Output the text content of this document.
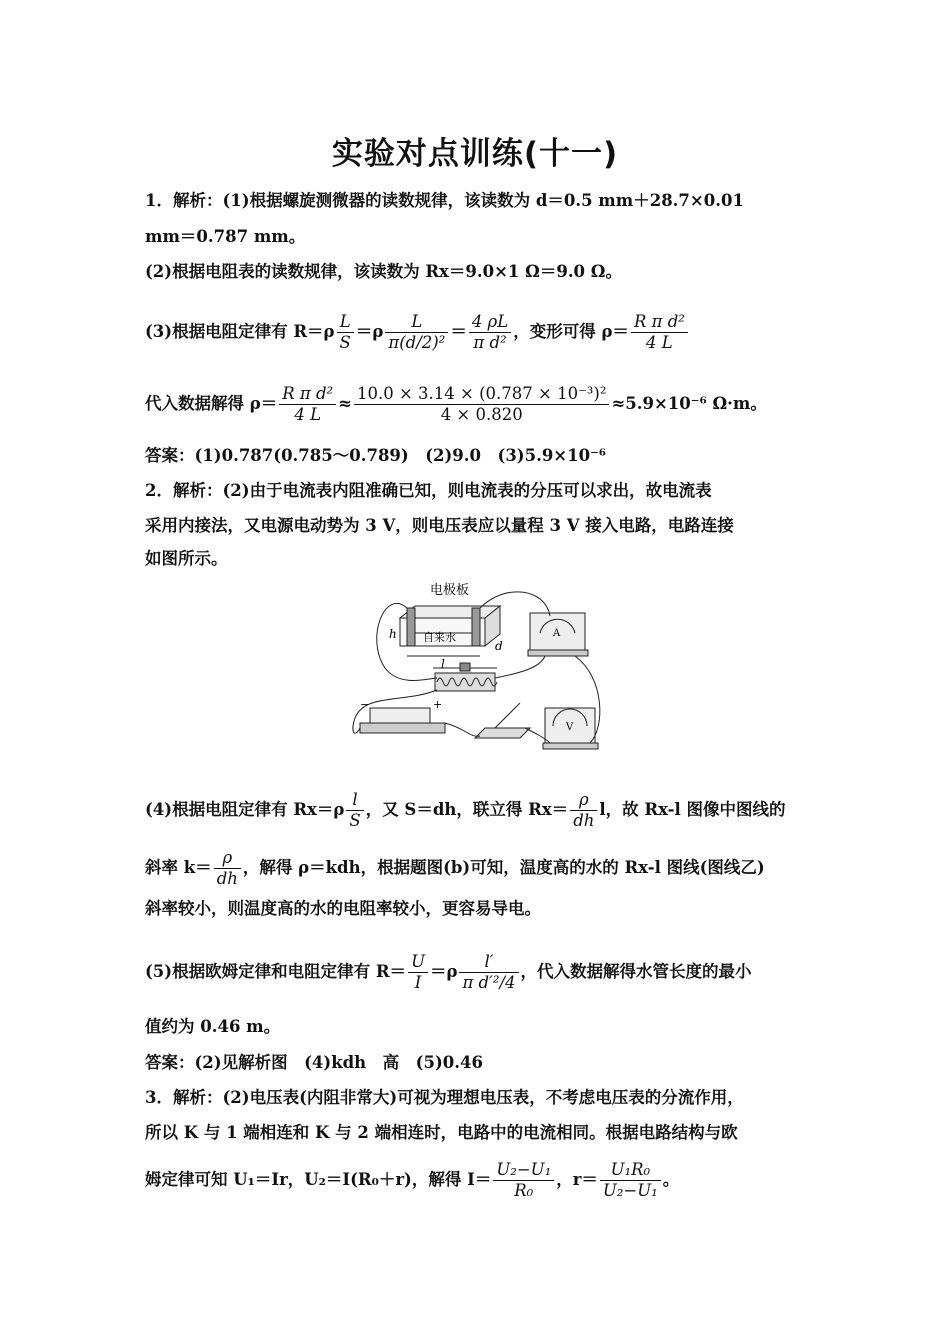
实验对点训练(十一)
1．解析：(1)根据螺旋测微器的读数规律，该读数为 d＝0.5 mm＋28.7×0.01
mm＝0.787 mm。
(2)根据电阻表的读数规律，该读数为 Rx＝9.0×1 Ω＝9.0 Ω。
(3)根据电阻定律有 $R=\rho \frac{L}{S} =\rho \frac{L}{\text{π(d/2)²}} = \frac{4 \rho L}{\text{π d²}}$ ，变形可得 $\rho= \frac{\text{R π d²}}{4 L}$
代入数据解得 $\rho= \frac{\text{R π d²}}{4 L} \approx \frac{\text{10.0 × 3.14 × (0.787 × 10⁻³)²}}{4 \times 0.820} \approx 5.9\times 10^{-6}$ Ω·m。
答案：(1)0.787(0.785～0.789)　(2)9.0　(3)5.9×10⁻⁶
2．解析：(2)由于电流表内阻准确已知，则电流表的分压可以求出，故电流表
采用内接法，又电源电动势为 3 V，则电压表应以量程 3 V 接入电路，电路连接
如图所示。
电极板
自来水
h
l
d
A
V
−	+
(4)根据电阻定律有 $Rx=\rho \frac{l}{S}$ ，又 S＝dh，联立得 $Rx= \frac{\rho}{dh}$ l，故 Rx-l 图像中图线的
斜率 $k= \frac{\rho}{dh}$ ，解得 ρ＝kdh，根据题图(b)可知，温度高的水的 Rx-l 图线(图线乙)
斜率较小，则温度高的水的电阻率较小，更容易导电。
(5)根据欧姆定律和电阻定律有 $R= \frac{U}{I} =\rho \frac{l'}{\text{π d′²/4}}$ ，代入数据解得水管长度的最小
值约为 0.46 m。
答案：(2)见解析图　(4)kdh　高　(5)0.46
3．解析：(2)电压表(内阻非常大)可视为理想电压表，不考虑电压表的分流作用，
所以 K 与 1 端相连和 K 与 2 端相连时，电路中的电流相同。根据电路结构与欧
姆定律可知 U₁＝Ir，U₂＝I(R₀＋r)，解得 $I= \frac{\text{U₂−U₁}}{\text{R₀}}$ ，$r= \frac{\text{U₁R₀}}{\text{U₂−U₁}}$ 。
